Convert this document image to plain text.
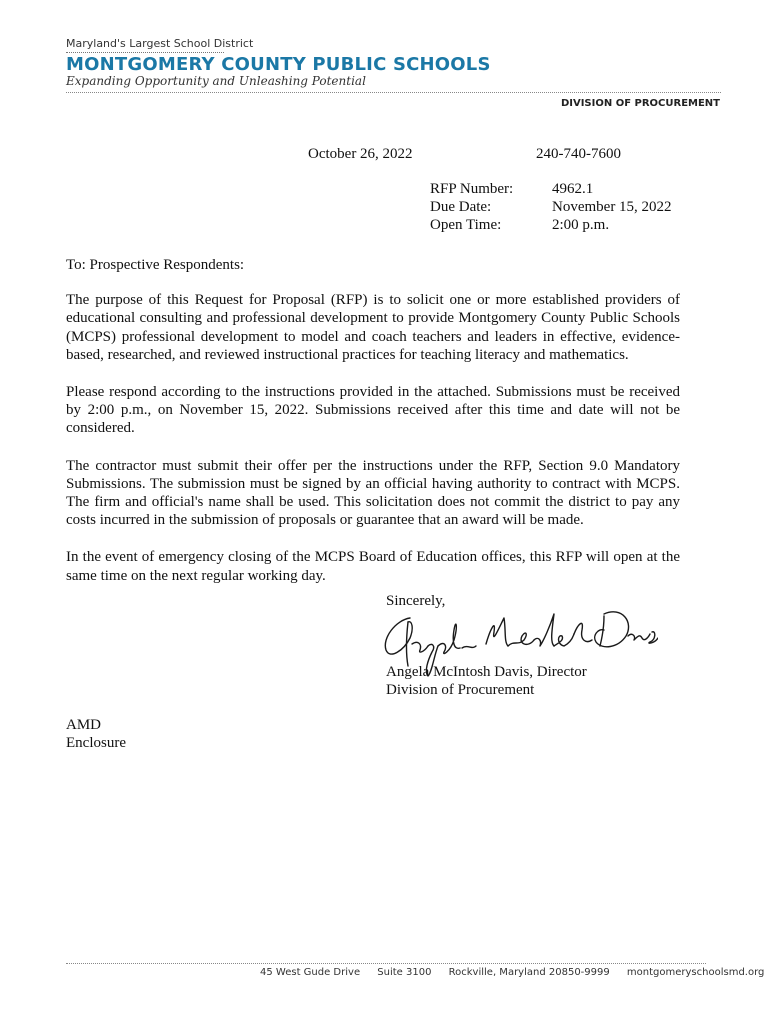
Maryland's Largest School District
MONTGOMERY COUNTY PUBLIC SCHOOLS
Expanding Opportunity and Unleashing Potential
DIVISION OF PROCUREMENT
October 26, 2022	240-740-7600
RFP Number:	4962.1
Due Date:	November 15, 2022
Open Time:	2:00 p.m.

To: Prospective Respondents:

The purpose of this Request for Proposal (RFP) is to solicit one or more established providers of educational consulting and professional development to provide Montgomery County Public Schools (MCPS) professional development to model and coach teachers and leaders in effective, evidence-based, researched, and reviewed instructional practices for teaching literacy and mathematics.

Please respond according to the instructions provided in the attached. Submissions must be received by 2:00 p.m., on November 15, 2022. Submissions received after this time and date will not be considered.

The contractor must submit their offer per the instructions under the RFP, Section 9.0 Mandatory Submissions. The submission must be signed by an official having authority to contract with MCPS. The firm and official's name shall be used. This solicitation does not commit the district to pay any costs incurred in the submission of proposals or guarantee that an award will be made.

In the event of emergency closing of the MCPS Board of Education offices, this RFP will open at the same time on the next regular working day.

Sincerely,
Angela McIntosh Davis, Director
Division of Procurement
AMD
Enclosure
45 West Gude Drive Suite 3100 Rockville, Maryland 20850-9999 montgomeryschoolsmd.org
